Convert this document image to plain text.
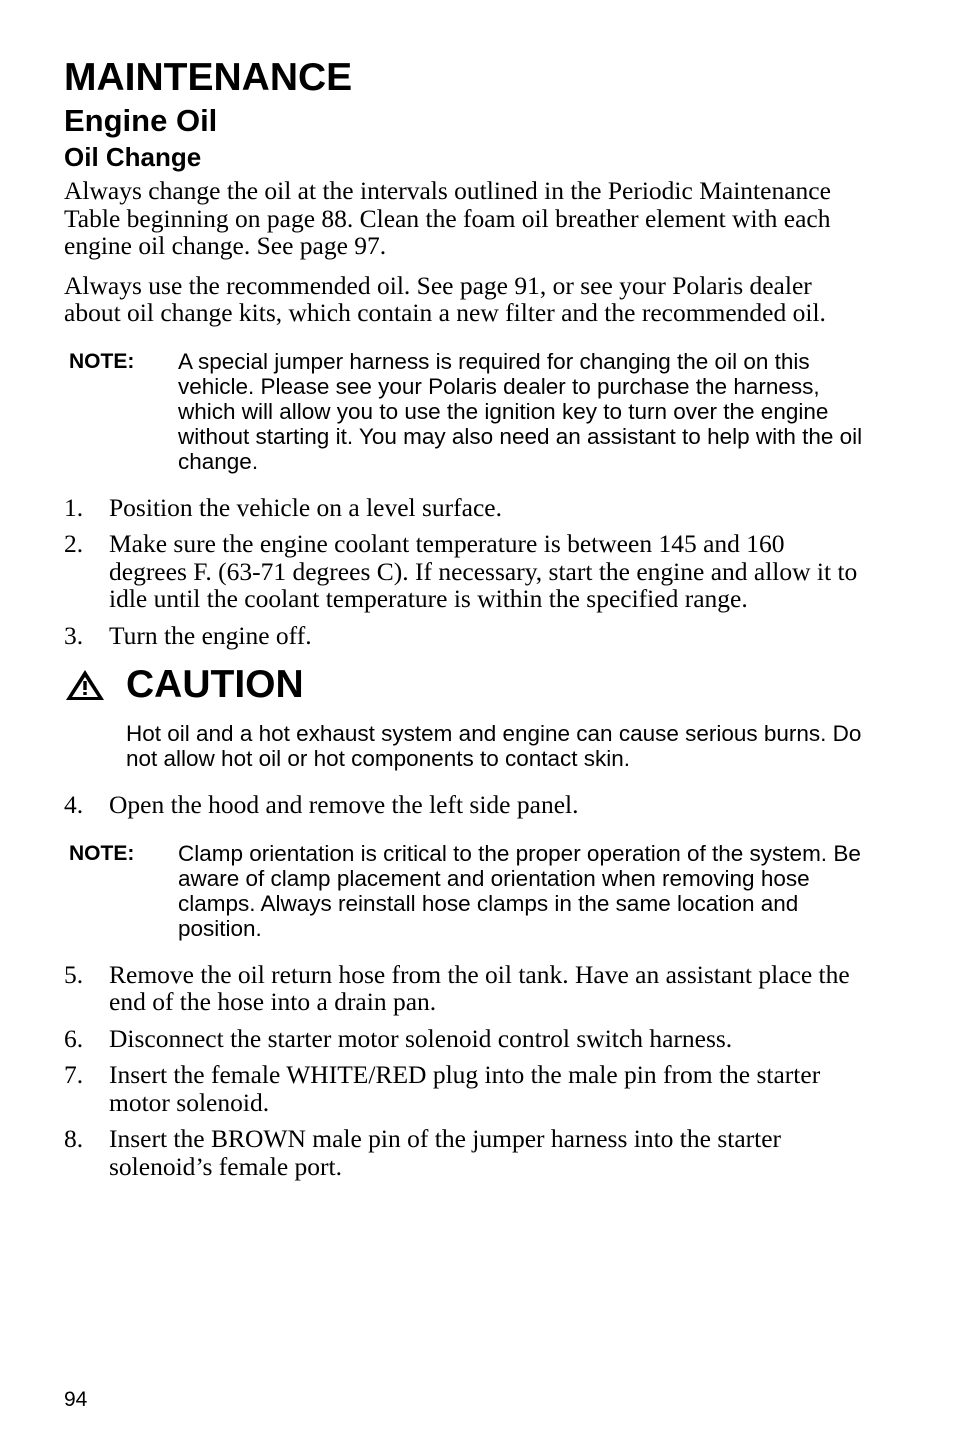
MAINTENANCE
Engine Oil
Oil Change

Always change the oil at the intervals outlined in the Periodic Maintenance Table beginning on page 88. Clean the foam oil breather element with each engine oil change. See page 97.

Always use the recommended oil. See page 91, or see your Polaris dealer about oil change kits, which contain a new filter and the recommended oil.

NOTE:	A special jumper harness is required for changing the oil on this vehicle. Please see your Polaris dealer to purchase the harness, which will allow you to use the ignition key to turn over the engine without starting it. You may also need an assistant to help with the oil change.
1.	Position the vehicle on a level surface.
2.	Make sure the engine coolant temperature is between 145 and 160 degrees F. (63-71 degrees C). If necessary, start the engine and allow it to idle until the coolant temperature is within the specified range.
3.	Turn the engine off.
CAUTION
Hot oil and a hot exhaust system and engine can cause serious burns. Do not allow hot oil or hot components to contact skin.
4.	Open the hood and remove the left side panel.
NOTE:	Clamp orientation is critical to the proper operation of the system. Be aware of clamp placement and orientation when removing hose clamps. Always reinstall hose clamps in the same location and position.
5.	Remove the oil return hose from the oil tank. Have an assistant place the end of the hose into a drain pan.
6.	Disconnect the starter motor solenoid control switch harness.
7.	Insert the female WHITE/RED plug into the male pin from the starter motor solenoid.
8.	Insert the BROWN male pin of the jumper harness into the starter solenoid’s female port.
94
